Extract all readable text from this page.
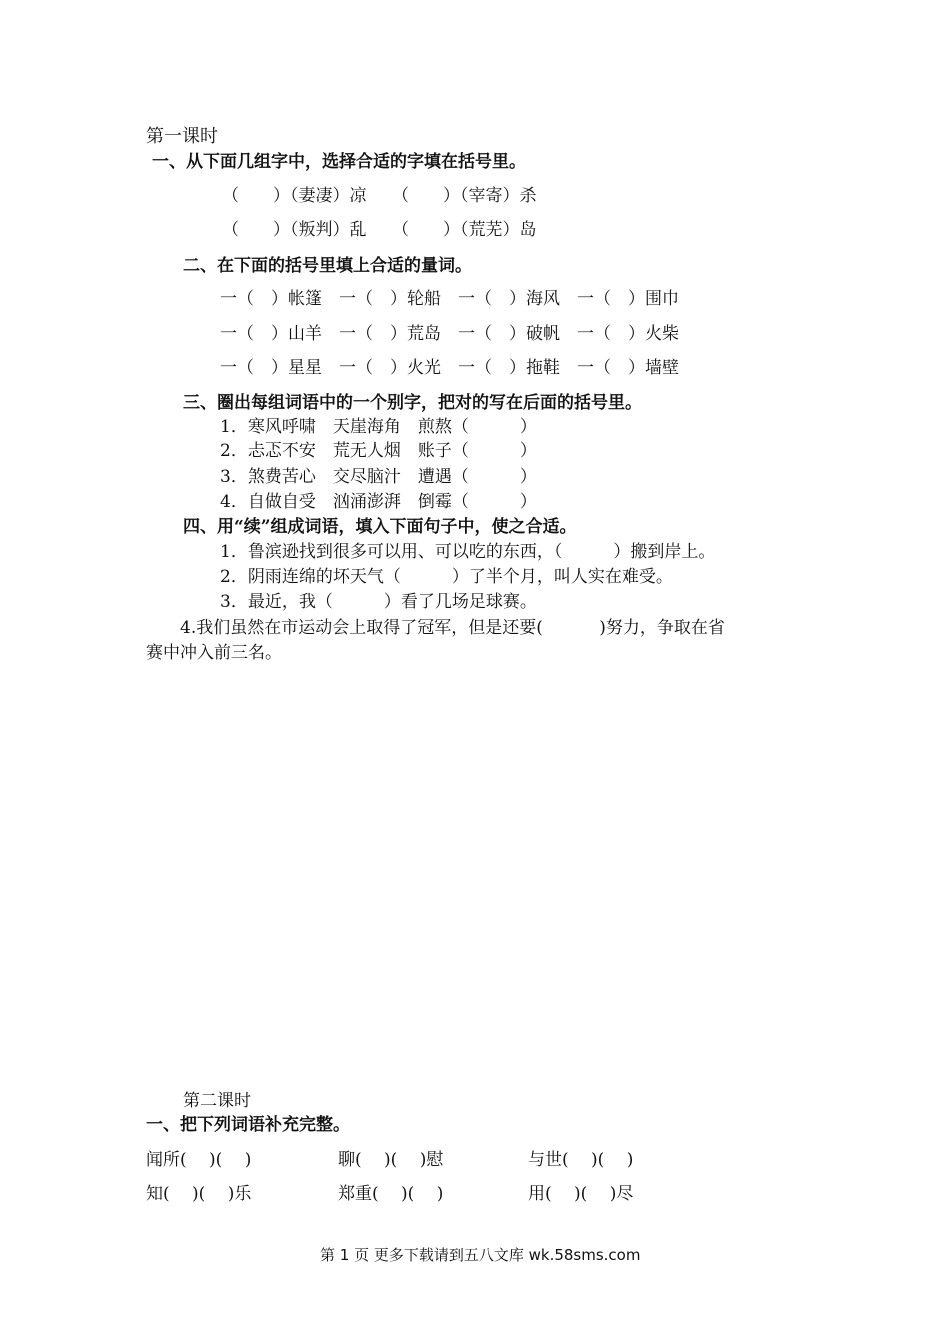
第一课时
一、从下面几组字中，选择合适的字填在括号里。
（　　）（妻凄）凉　　（　　）（宰寄）杀
（　　）（叛判）乱　　（　　）（荒芜）岛
二、在下面的括号里填上合适的量词。
一（　）帐篷　一（　）轮船　一（　）海风　一（　）围巾
一（　）山羊　一（　）荒岛　一（　）破帆　一（　）火柴
一（　）星星　一（　）火光　一（　）拖鞋　一（　）墙壁
三、圈出每组词语中的一个别字，把对的写在后面的括号里。
1．寒风呼啸　天崖海角　煎熬（　　　）
2．忐忑不安　荒无人烟　账子（　　　）
3．煞费苦心　交尽脑汁　遭遇（　　　）
4．自做自受　汹涌澎湃　倒霉（　　　）
四、用“续”组成词语，填入下面句子中，使之合适。
1．鲁滨逊找到很多可以用、可以吃的东西，（　　　）搬到岸上。
2．阴雨连绵的坏天气（　　　）了半个月，叫人实在难受。
3．最近，我（　　　）看了几场足球赛。
4.我们虽然在市运动会上取得了冠军，但是还要(　　　 )努力，争取在省
赛中冲入前三名。
第二课时
一、把下列词语补充完整。
闻所(　 )(　 )	聊(　 )(　 )慰	与世(　 )(　 )
知(　 )(　 )乐	郑重(　 )(　 )	用(　 )(　 )尽
第 1 页 更多下载请到五八文库 wk.58sms.com
